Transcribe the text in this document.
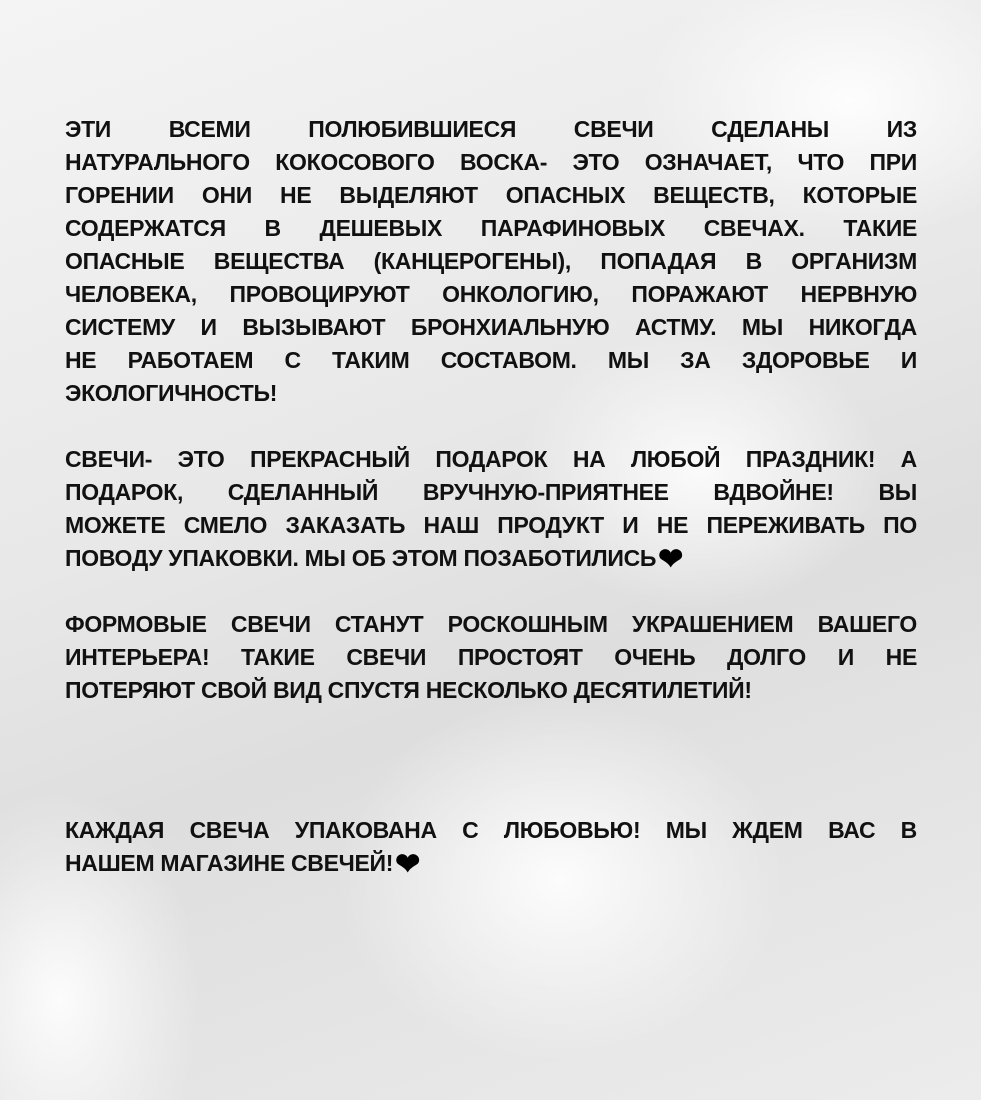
ЭТИ ВСЕМИ ПОЛЮБИВШИЕСЯ СВЕЧИ СДЕЛАНЫ ИЗ
НАТУРАЛЬНОГО КОКОСОВОГО ВОСКА- ЭТО ОЗНАЧАЕТ, ЧТО ПРИ
ГОРЕНИИ ОНИ НЕ ВЫДЕЛЯЮТ ОПАСНЫХ ВЕЩЕСТВ, КОТОРЫЕ
СОДЕРЖАТСЯ В ДЕШЕВЫХ ПАРАФИНОВЫХ СВЕЧАХ. ТАКИЕ
ОПАСНЫЕ ВЕЩЕСТВА (КАНЦЕРОГЕНЫ), ПОПАДАЯ В ОРГАНИЗМ
ЧЕЛОВЕКА, ПРОВОЦИРУЮТ ОНКОЛОГИЮ, ПОРАЖАЮТ НЕРВНУЮ
СИСТЕМУ И ВЫЗЫВАЮТ БРОНХИАЛЬНУЮ АСТМУ. МЫ НИКОГДА
НЕ РАБОТАЕМ С ТАКИМ СОСТАВОМ. МЫ ЗА ЗДОРОВЬЕ И
ЭКОЛОГИЧНОСТЬ!
СВЕЧИ- ЭТО ПРЕКРАСНЫЙ ПОДАРОК НА ЛЮБОЙ ПРАЗДНИК! А
ПОДАРОК, СДЕЛАННЫЙ ВРУЧНУЮ-ПРИЯТНЕЕ ВДВОЙНЕ! ВЫ
МОЖЕТЕ СМЕЛО ЗАКАЗАТЬ НАШ ПРОДУКТ И НЕ ПЕРЕЖИВАТЬ ПО
ПОВОДУ УПАКОВКИ. МЫ ОБ ЭТОМ ПОЗАБОТИЛИСЬ❤︎
ФОРМОВЫЕ СВЕЧИ СТАНУТ РОСКОШНЫМ УКРАШЕНИЕМ ВАШЕГО
ИНТЕРЬЕРА! ТАКИЕ СВЕЧИ ПРОСТОЯТ ОЧЕНЬ ДОЛГО И НЕ
ПОТЕРЯЮТ СВОЙ ВИД СПУСТЯ НЕСКОЛЬКО ДЕСЯТИЛЕТИЙ!
КАЖДАЯ СВЕЧА УПАКОВАНА С ЛЮБОВЬЮ! МЫ ЖДЕМ ВАС В
НАШЕМ МАГАЗИНЕ СВЕЧЕЙ!❤︎
